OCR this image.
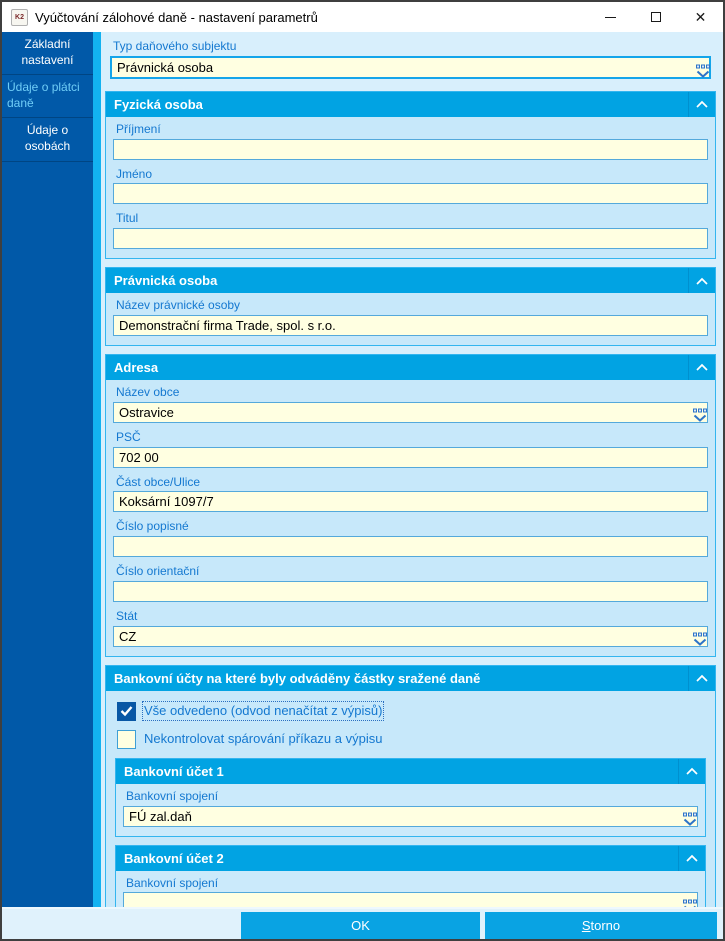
K2 Vyúčtování zálohové daně - nastavení parametrů	✕
Základní nastavení
Údaje o plátci daně
Údaje o osobách
Typ daňového subjektu
Právnická osoba
Fyzická osoba
Příjmení
Jméno
Titul
Právnická osoba
Název právnické osoby
Demonstrační firma Trade, spol. s r.o.
Adresa
Název obce
Ostravice
PSČ
702 00
Část obce/Ulice
Koksární 1097/7
Číslo popisné
Číslo orientační
Stát
CZ
Bankovní účty na které byly odváděny částky sražené daně
Vše odvedeno (odvod nenačítat z výpisů)
Nekontrolovat spárování příkazu a výpisu
Bankovní účet 1
Bankovní spojení
FÚ zal.daň
Bankovní účet 2
Bankovní spojení
OK	S torno
